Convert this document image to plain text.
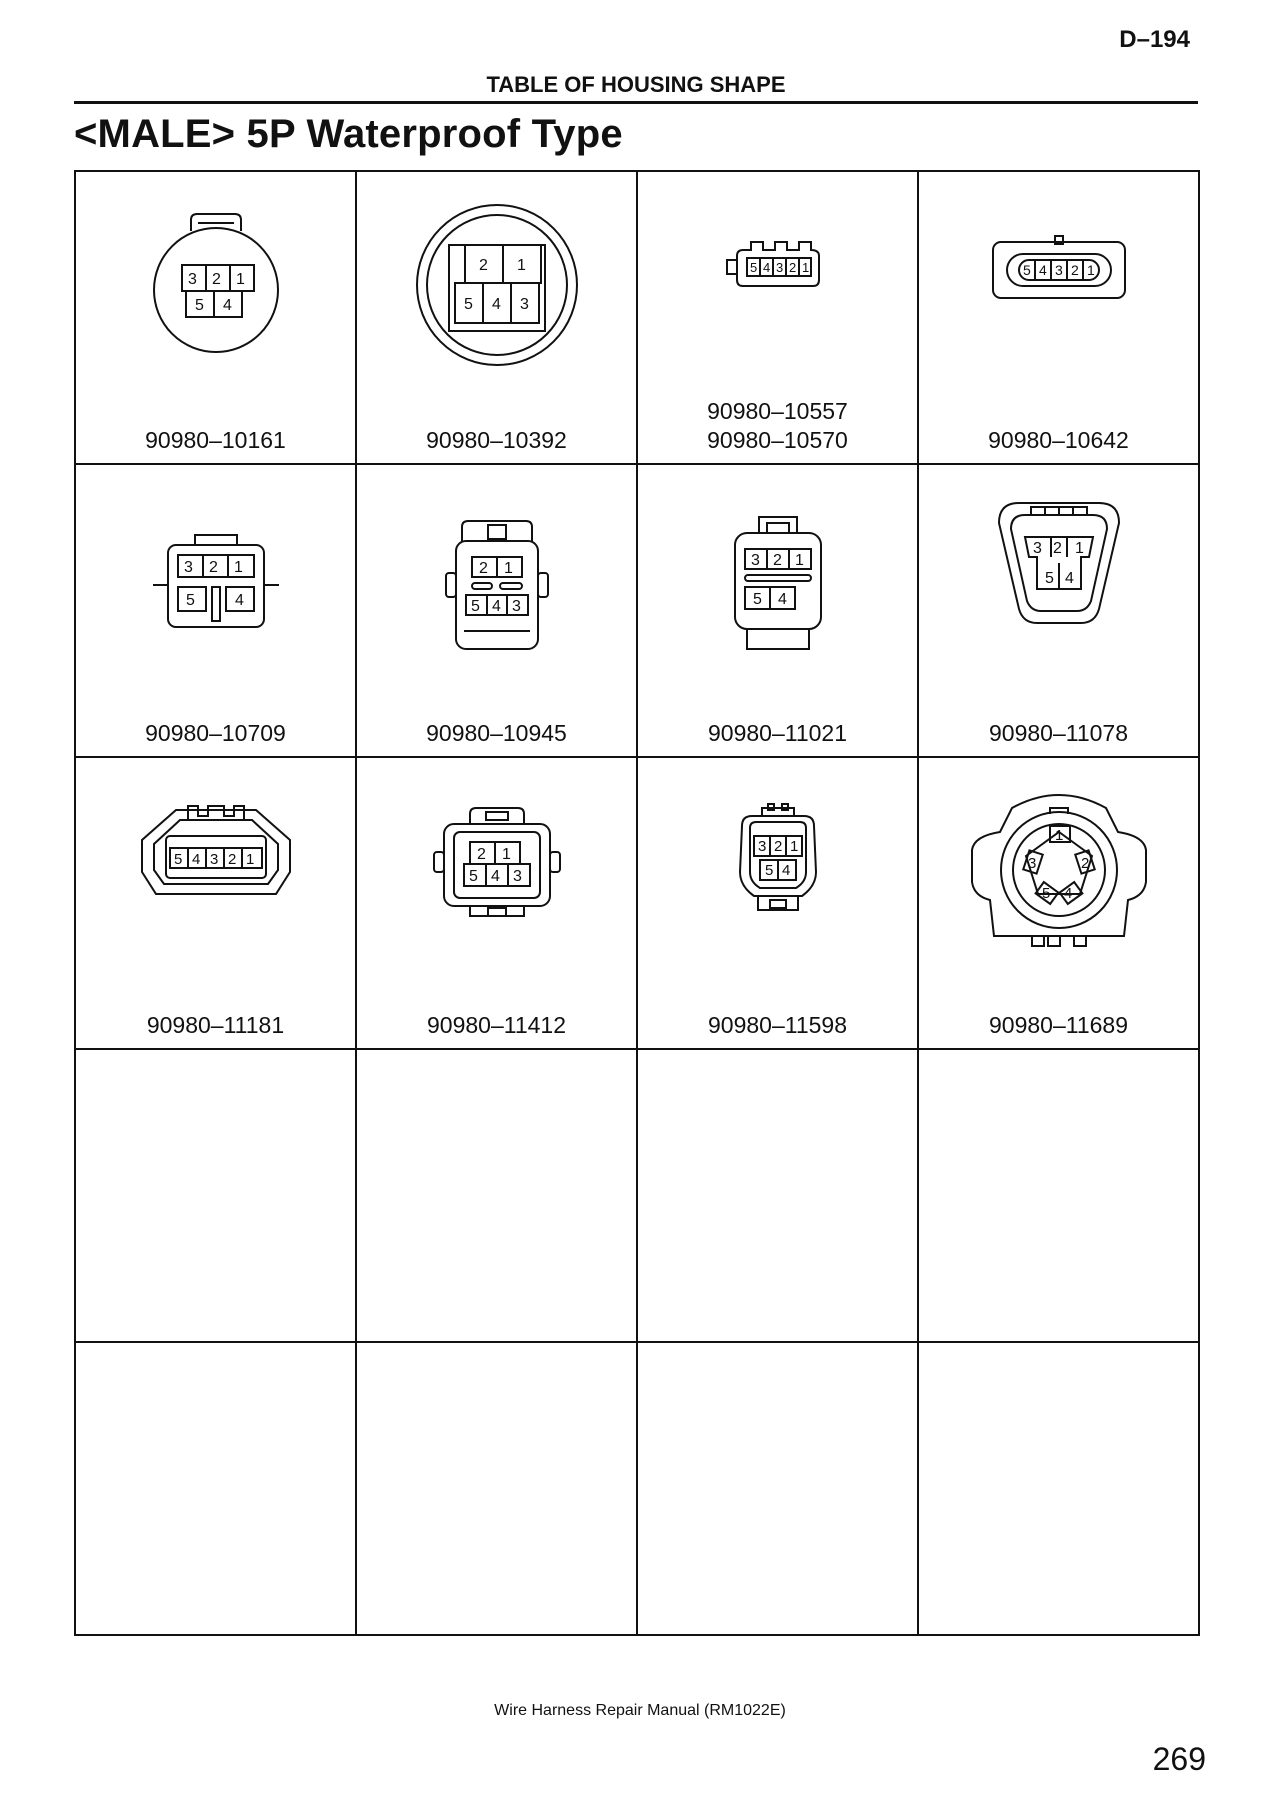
D–194
TABLE OF HOUSING SHAPE
<MALE> 5P Waterproof Type
3 2 1
5 4
90980–10161
2 1
5 4 3
90980–10392
5 4 3 2 1
90980–10557
90980–10570
5 4 3 2 1
90980–10642
3 2 1
5	4
90980–10709
2 1
5 4 3
90980–10945
3 2 1
5 4
90980–11021
3 2 1
5 4
90980–11078
5 4 3 2 1
90980–11181
2 1
5 4 3
90980–11412
3 2 1
5 4
90980–11598
1
2
3
4
5
90980–11689
Wire Harness Repair Manual (RM1022E)
269
